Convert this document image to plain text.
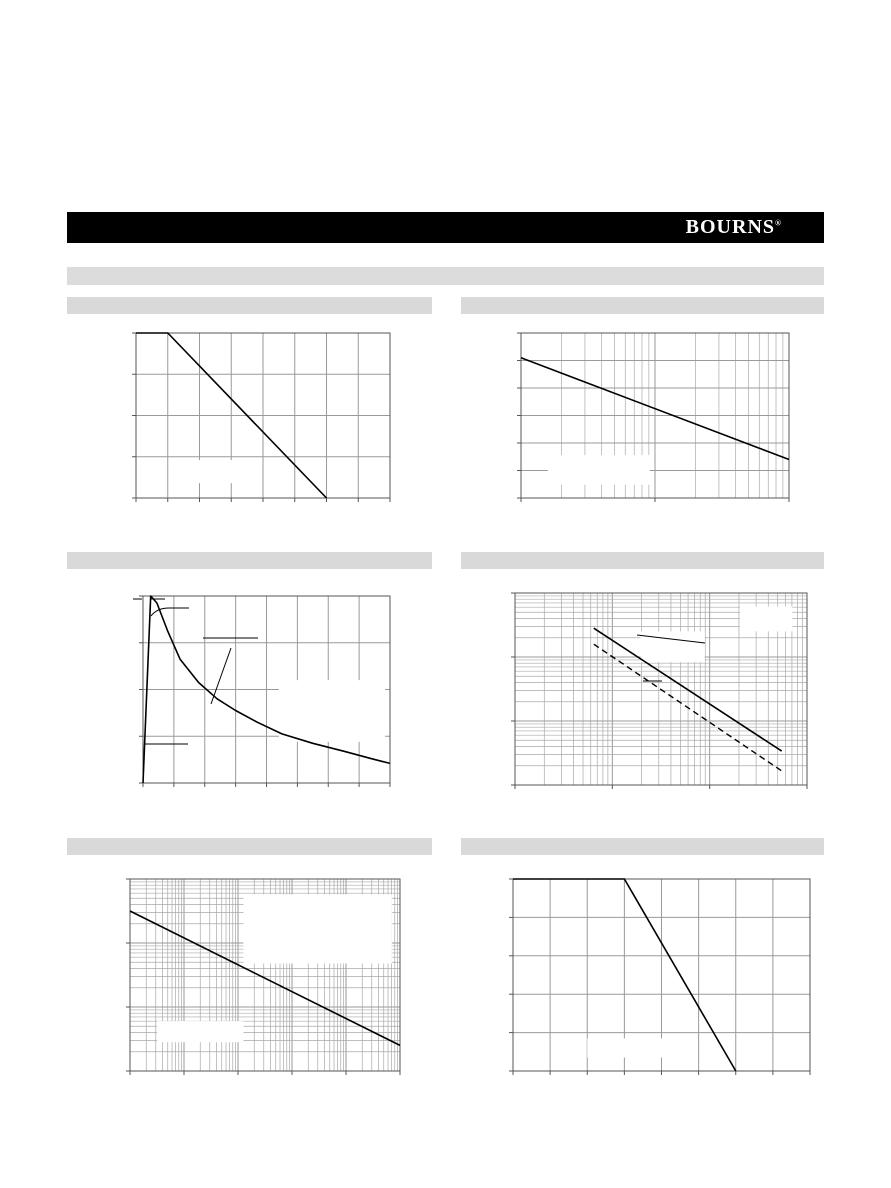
BOURNS®
